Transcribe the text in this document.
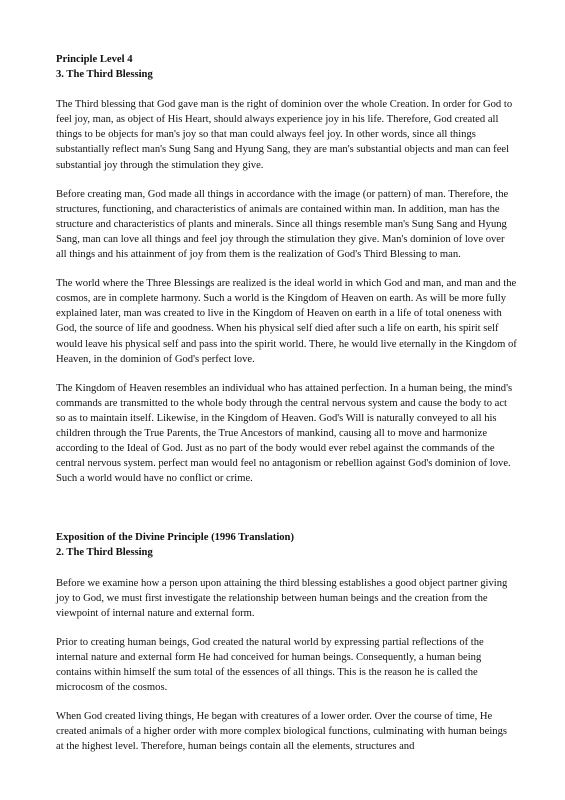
Principle Level 4
3. The Third Blessing

The Third blessing that God gave man is the right of dominion over the whole Creation. In order for God to feel joy, man, as object of His Heart, should always experience joy in his life. Therefore, God created all things to be objects for man's joy so that man could always feel joy. In other words, since all things substantially reflect man's Sung Sang and Hyung Sang, they are man's substantial objects and man can feel substantial joy through the stimulation they give.

Before creating man, God made all things in accordance with the image (or pattern) of man. Therefore, the structures, functioning, and characteristics of animals are contained within man. In addition, man has the structure and characteristics of plants and minerals. Since all things resemble man's Sung Sang and Hyung Sang, man can love all things and feel joy through the stimulation they give. Man's dominion of love over all things and his attainment of joy from them is the realization of God's Third Blessing to man.

The world where the Three Blessings are realized is the ideal world in which God and man, and man and the cosmos, are in complete harmony. Such a world is the Kingdom of Heaven on earth. As will be more fully explained later, man was created to live in the Kingdom of Heaven on earth in a life of total oneness with God, the source of life and goodness. When his physical self died after such a life on earth, his spirit self would leave his physical self and pass into the spirit world. There, he would live eternally in the Kingdom of Heaven, in the dominion of God's perfect love.

The Kingdom of Heaven resembles an individual who has attained perfection. In a human being, the mind's commands are transmitted to the whole body through the central nervous system and cause the body to act so as to maintain itself. Likewise, in the Kingdom of Heaven. God's Will is naturally conveyed to all his children through the True Parents, the True Ancestors of mankind, causing all to move and harmonize according to the Ideal of God. Just as no part of the body would ever rebel against the commands of the central nervous system. perfect man would feel no antagonism or rebellion against God's dominion of love. Such a world would have no conflict or crime.

Exposition of the Divine Principle (1996 Translation)
2. The Third Blessing

Before we examine how a person upon attaining the third blessing establishes a good object partner giving joy to God, we must first investigate the relationship between human beings and the creation from the viewpoint of internal nature and external form.

Prior to creating human beings, God created the natural world by expressing partial reflections of the internal nature and external form He had conceived for human beings. Consequently, a human being contains within himself the sum total of the essences of all things. This is the reason he is called the microcosm of the cosmos.

When God created living things, He began with creatures of a lower order. Over the course of time, He created animals of a higher order with more complex biological functions, culminating with human beings at the highest level. Therefore, human beings contain all the elements, structures and
